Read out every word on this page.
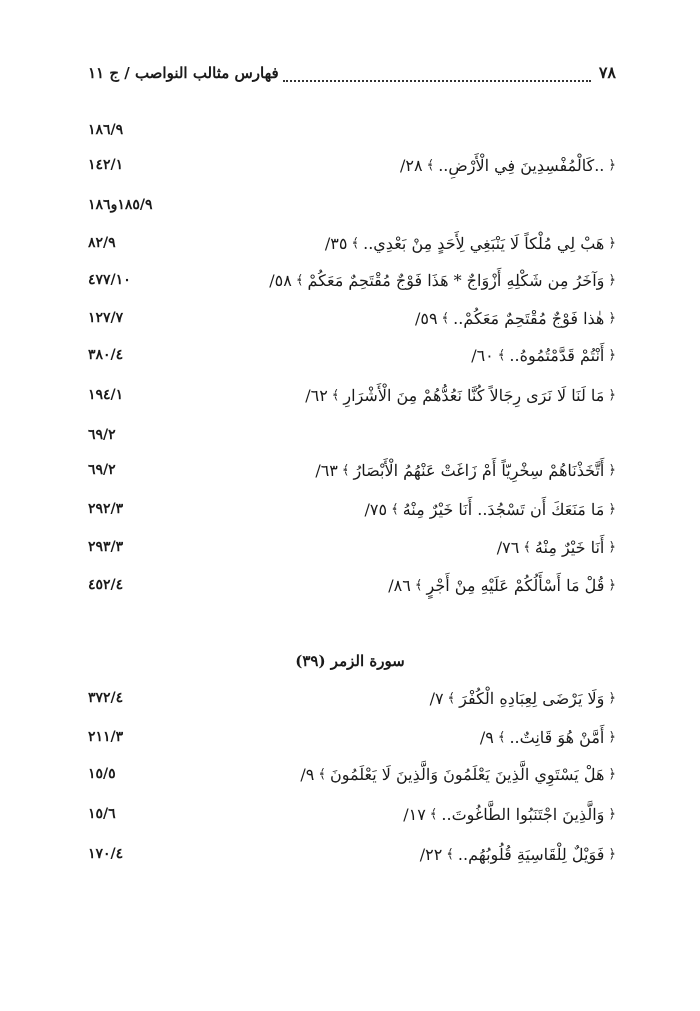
٧٨
فهارس مثالب النواصب / ج ١١
١٨٦/٩
﴿
..كَالْمُفْسِدِينَ فِي الْأَرْضِ..
﴾
٢٨/
١٤٢/١
١٨٥/٩و١٨٦
﴿
هَبْ لِي مُلْكاً لَا يَنْبَغِي لِأَحَدٍ مِنْ بَعْدِي..
﴾
٣٥/
٨٢/٩
﴿
وَآخَرُ مِن شَكْلِهِ أَزْوَاجٌ * هَذَا فَوْجٌ مُقْتَحِمٌ مَعَكُمْ
﴾
٥٨/
٤٧٧/١٠
﴿
هٰذا فَوْجٌ مُقْتَحِمٌ مَعَكُمْ..
﴾
٥٩/
١٢٧/٧
﴿
أَنْتُمْ قَدَّمْتُمُوهُ..
﴾
٦٠/
٣٨٠/٤
﴿
مَا لَنَا لَا نَرَى رِجَالاً كُنَّا نَعُدُّهُمْ مِنَ الْأَشْرَارِ
﴾
٦٢/
١٩٤/١
٦٩/٢
﴿
أَتَّخَذْنَاهُمْ سِخْرِيّاً أَمْ زَاغَتْ عَنْهُمُ الْأَبْصَارُ
﴾
٦٣/
٦٩/٢
﴿
مَا مَنَعَكَ أَن تَسْجُدَ.. أَنَا خَيْرٌ مِنْهُ
﴾
٧٥/
٢٩٢/٣
﴿
أَنَا خَيْرٌ مِنْهُ
﴾
٧٦/
٢٩٣/٣
﴿
قُلْ مَا أَسْأَلُكُمْ عَلَيْهِ مِنْ أَجْرٍ
﴾
٨٦/
٤٥٢/٤
سورة الزمر (٣٩)
﴿
وَلَا يَرْضَى لِعِبَادِهِ الْكُفْرَ
﴾
٧/
٣٧٢/٤
﴿
أَمَّنْ هُوَ قَانِتٌ..
﴾
٩/
٢١١/٣
﴿
هَلْ يَسْتَوِي الَّذِينَ يَعْلَمُونَ وَالَّذِينَ لَا يَعْلَمُونَ
﴾
٩/
١٥/٥
﴿
وَالَّذِينَ اجْتَنَبُوا الطَّاغُوتَ..
﴾
١٧/
١٥/٦
﴿
فَوَيْلٌ لِلْقَاسِيَةِ قُلُوبُهُم..
﴾
٢٢/
١٧٠/٤
